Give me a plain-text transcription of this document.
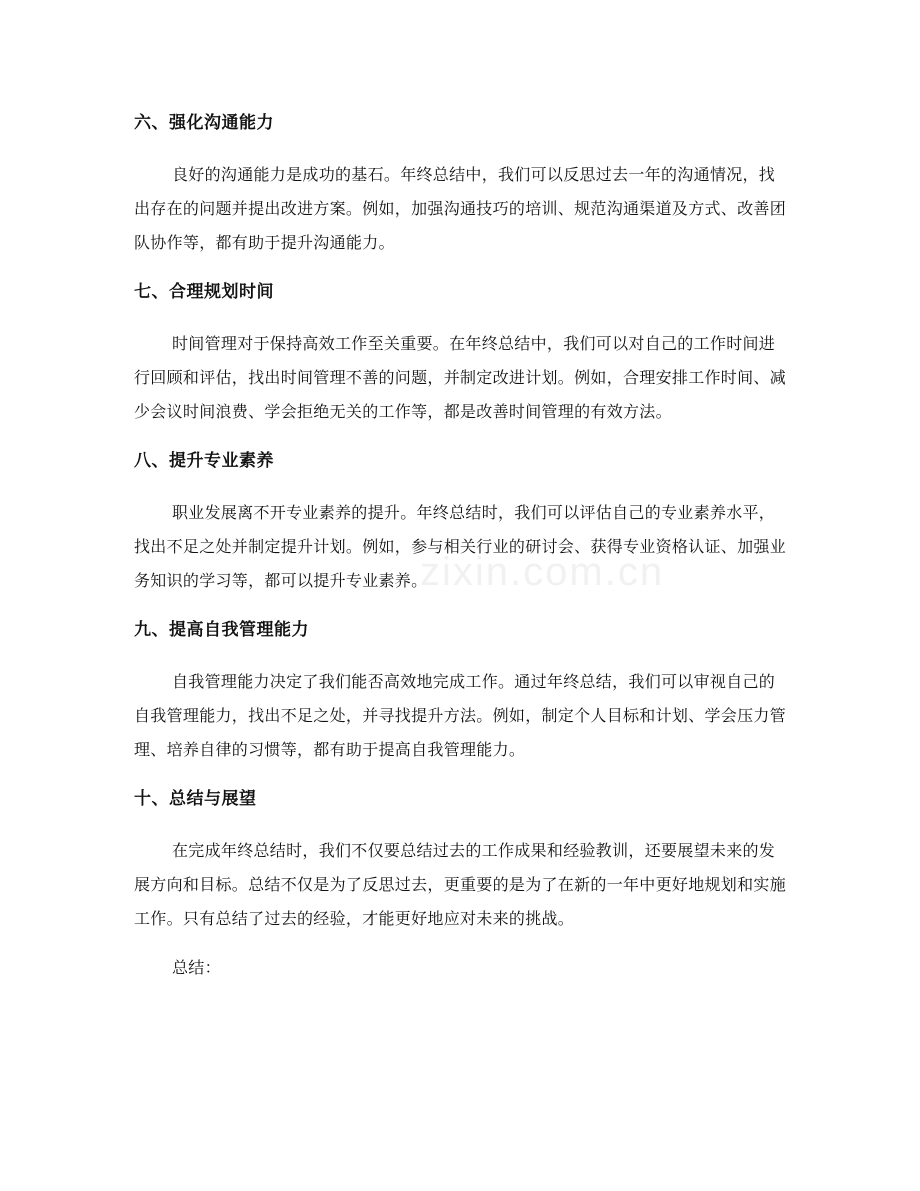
六、强化沟通能力

良好的沟通能力是成功的基石。年终总结中，我们可以反思过去一年的沟通情况，找出存在的问题并提出改进方案。例如，加强沟通技巧的培训、规范沟通渠道及方式、改善团队协作等，都有助于提升沟通能力。

七、合理规划时间

时间管理对于保持高效工作至关重要。在年终总结中，我们可以对自己的工作时间进行回顾和评估，找出时间管理不善的问题，并制定改进计划。例如，合理安排工作时间、减少会议时间浪费、学会拒绝无关的工作等，都是改善时间管理的有效方法。

八、提升专业素养

职业发展离不开专业素养的提升。年终总结时，我们可以评估自己的专业素养水平，找出不足之处并制定提升计划。例如，参与相关行业的研讨会、获得专业资格认证、加强业务知识的学习等，都可以提升专业素养。

九、提高自我管理能力

自我管理能力决定了我们能否高效地完成工作。通过年终总结，我们可以审视自己的自我管理能力，找出不足之处，并寻找提升方法。例如，制定个人目标和计划、学会压力管理、培养自律的习惯等，都有助于提高自我管理能力。

十、总结与展望

在完成年终总结时，我们不仅要总结过去的工作成果和经验教训，还要展望未来的发展方向和目标。总结不仅是为了反思过去，更重要的是为了在新的一年中更好地规划和实施工作。只有总结了过去的经验，才能更好地应对未来的挑战。

总结：

zixin.com.cn
